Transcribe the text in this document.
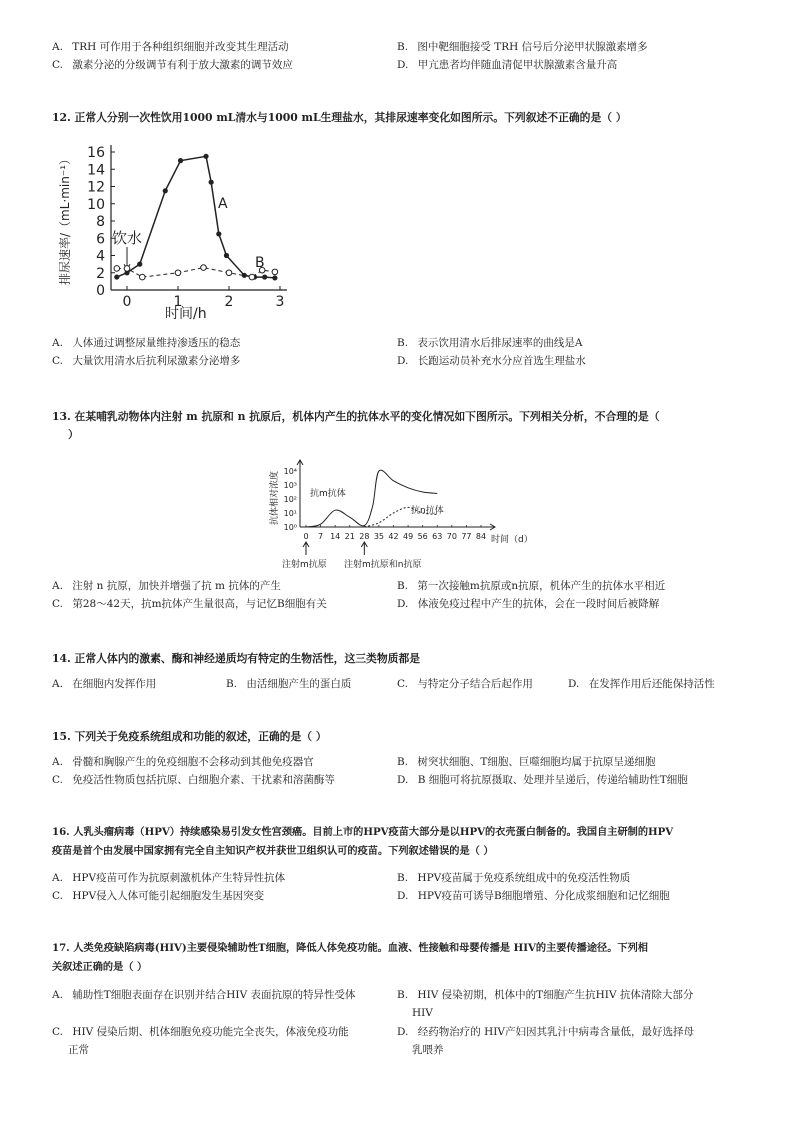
A. TRH 可作用于各种组织细胞并改变其生理活动	B. 图中靶细胞接受 TRH 信号后分泌甲状腺激素增多
C. 激素分泌的分级调节有利于放大激素的调节效应	D. 甲亢患者均伴随血清促甲状腺激素含量升高
12. 正常人分别一次性饮用1000 mL清水与1000 mL生理盐水，其排尿速率变化如图所示。下列叙述不正确的是（ ）
0
2
4
6
8
10
12
14
16
0	1	2	3
排尿速率/（mL·min⁻¹）
时间/h
饮水
A
B
A. 人体通过调整尿量维持渗透压的稳态	B. 表示饮用清水后排尿速率的曲线是A
C. 大量饮用清水后抗利尿激素分泌增多	D. 长跑运动员补充水分应首选生理盐水
13. 在某哺乳动物体内注射 m 抗原和 n 抗原后，机体内产生的抗体水平的变化情况如下图所示。下列相关分析，不合理的是（
）
10⁰
10¹
10²
10³
10⁴
0 7 14 21 28 35 42 49 56 63 70 77 84
抗体相对浓度
时间（d）
抗m抗体
抗n抗体
注射m抗原 注射m抗原和n抗原
A. 注射 n 抗原，加快并增强了抗 m 抗体的产生	B. 第一次接触m抗原或n抗原，机体产生的抗体水平相近
C. 第28～42天，抗m抗体产生量很高，与记忆B细胞有关	D. 体液免疫过程中产生的抗体，会在一段时间后被降解
14. 正常人体内的激素、酶和神经递质均有特定的生物活性，这三类物质都是
A. 在细胞内发挥作用	B. 由活细胞产生的蛋白质	C. 与特定分子结合后起作用	D. 在发挥作用后还能保持活性
15. 下列关于免疫系统组成和功能的叙述，正确的是（ ）
A. 骨髓和胸腺产生的免疫细胞不会移动到其他免疫器官	B. 树突状细胞、T细胞、巨噬细胞均属于抗原呈递细胞
C. 免疫活性物质包括抗原、白细胞介素、干扰素和溶菌酶等	D. B 细胞可将抗原摄取、处理并呈递后，传递给辅助性T细胞
16. 人乳头瘤病毒（HPV）持续感染易引发女性宫颈癌。目前上市的HPV疫苗大部分是以HPV的衣壳蛋白制备的。我国自主研制的HPV
疫苗是首个由发展中国家拥有完全自主知识产权并获世卫组织认可的疫苗。下列叙述错误的是（ ）
A. HPV疫苗可作为抗原刺激机体产生特异性抗体	B. HPV疫苗属于免疫系统组成中的免疫活性物质
C. HPV侵入人体可能引起细胞发生基因突变	D. HPV疫苗可诱导B细胞增殖、分化成浆细胞和记忆细胞
17. 人类免疫缺陷病毒(HIV)主要侵染辅助性T细胞，降低人体免疫功能。血液、性接触和母婴传播是 HIV的主要传播途径。下列相
关叙述正确的是（ ）
A. 辅助性T细胞表面存在识别并结合HIV 表面抗原的特异性受体	B. HIV 侵染初期，机体中的T细胞产生抗HIV 抗体清除大部分
HIV
C. HIV 侵染后期、机体细胞免疫功能完全丧失，体液免疫功能
正常
D. 经药物治疗的 HIV产妇因其乳汁中病毒含量低，最好选择母
乳喂养
